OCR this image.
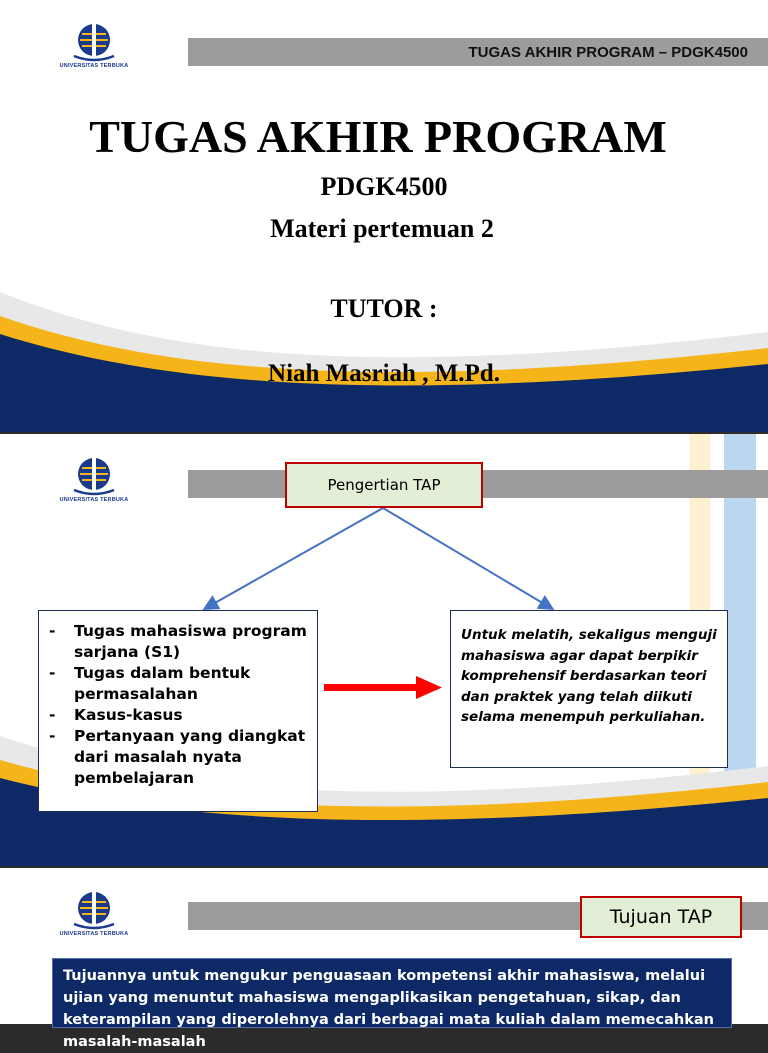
UNIVERSITAS TERBUKA
TUGAS AKHIR PROGRAM – PDGK4500
TUGAS AKHIR PROGRAM
PDGK4500
Materi pertemuan 2
TUTOR :
Niah Masriah , M.Pd.
UNIVERSITAS TERBUKA
Pengertian TAP
- Tugas mahasiswa program sarjana (S1)
- Tugas dalam bentuk permasalahan
- Kasus-kasus
- Pertanyaan yang diangkat dari masalah nyata pembelajaran

Untuk melatih, sekaligus menguji mahasiswa agar dapat berpikir komprehensif berdasarkan teori dan praktek yang telah diikuti selama menempuh perkuliahan.

UNIVERSITAS TERBUKA
Tujuan TAP

Tujuannya untuk mengukur penguasaan kompetensi akhir mahasiswa, melalui ujian yang menuntut mahasiswa mengaplikasikan pengetahuan, sikap, dan keterampilan yang diperolehnya dari berbagai mata kuliah dalam memecahkan masalah-masalah
